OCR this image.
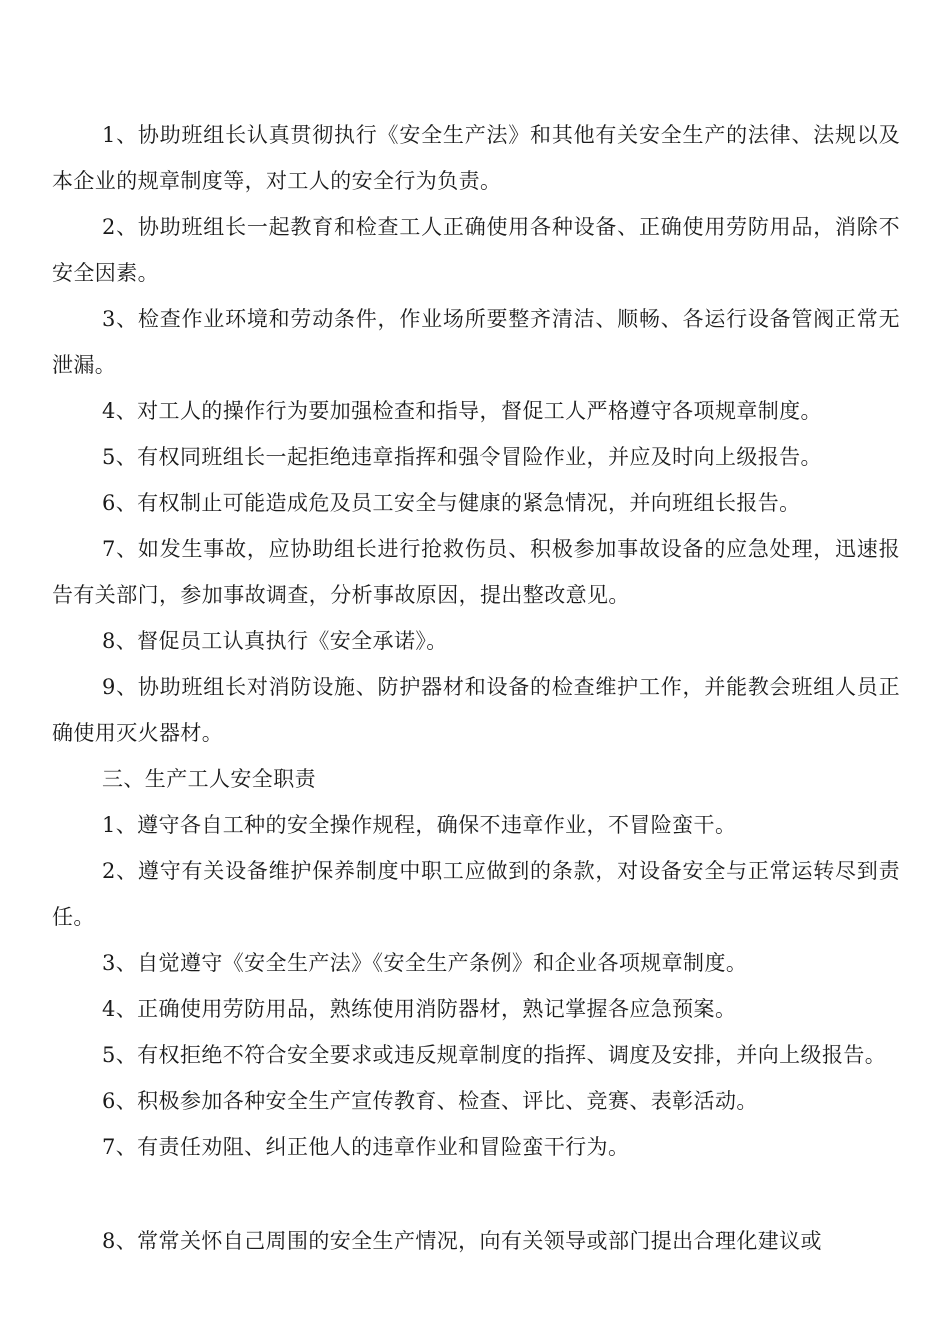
1、协助班组长认真贯彻执行《安全生产法》和其他有关安全生产的法律、法规以及本企业的规章制度等，对工人的安全行为负责。

2、协助班组长一起教育和检查工人正确使用各种设备、正确使用劳防用品，消除不安全因素。

3、检查作业环境和劳动条件，作业场所要整齐清洁、顺畅、各运行设备管阀正常无泄漏。

4、对工人的操作行为要加强检查和指导，督促工人严格遵守各项规章制度。

5、有权同班组长一起拒绝违章指挥和强令冒险作业，并应及时向上级报告。

6、有权制止可能造成危及员工安全与健康的紧急情况，并向班组长报告。

7、如发生事故，应协助组长进行抢救伤员、积极参加事故设备的应急处理，迅速报告有关部门，参加事故调查，分析事故原因，提出整改意见。

8、督促员工认真执行《安全承诺》。

9、协助班组长对消防设施、防护器材和设备的检查维护工作，并能教会班组人员正确使用灭火器材。

三、生产工人安全职责

1、遵守各自工种的安全操作规程，确保不违章作业，不冒险蛮干。

2、遵守有关设备维护保养制度中职工应做到的条款，对设备安全与正常运转尽到责任。

3、自觉遵守《安全生产法》《安全生产条例》和企业各项规章制度。

4、正确使用劳防用品，熟练使用消防器材，熟记掌握各应急预案。

5、有权拒绝不符合安全要求或违反规章制度的指挥、调度及安排，并向上级报告。

6、积极参加各种安全生产宣传教育、检查、评比、竞赛、表彰活动。

7、有责任劝阻、纠正他人的违章作业和冒险蛮干行为。

8、常常关怀自己周围的安全生产情况，向有关领导或部门提出合理化建议或
